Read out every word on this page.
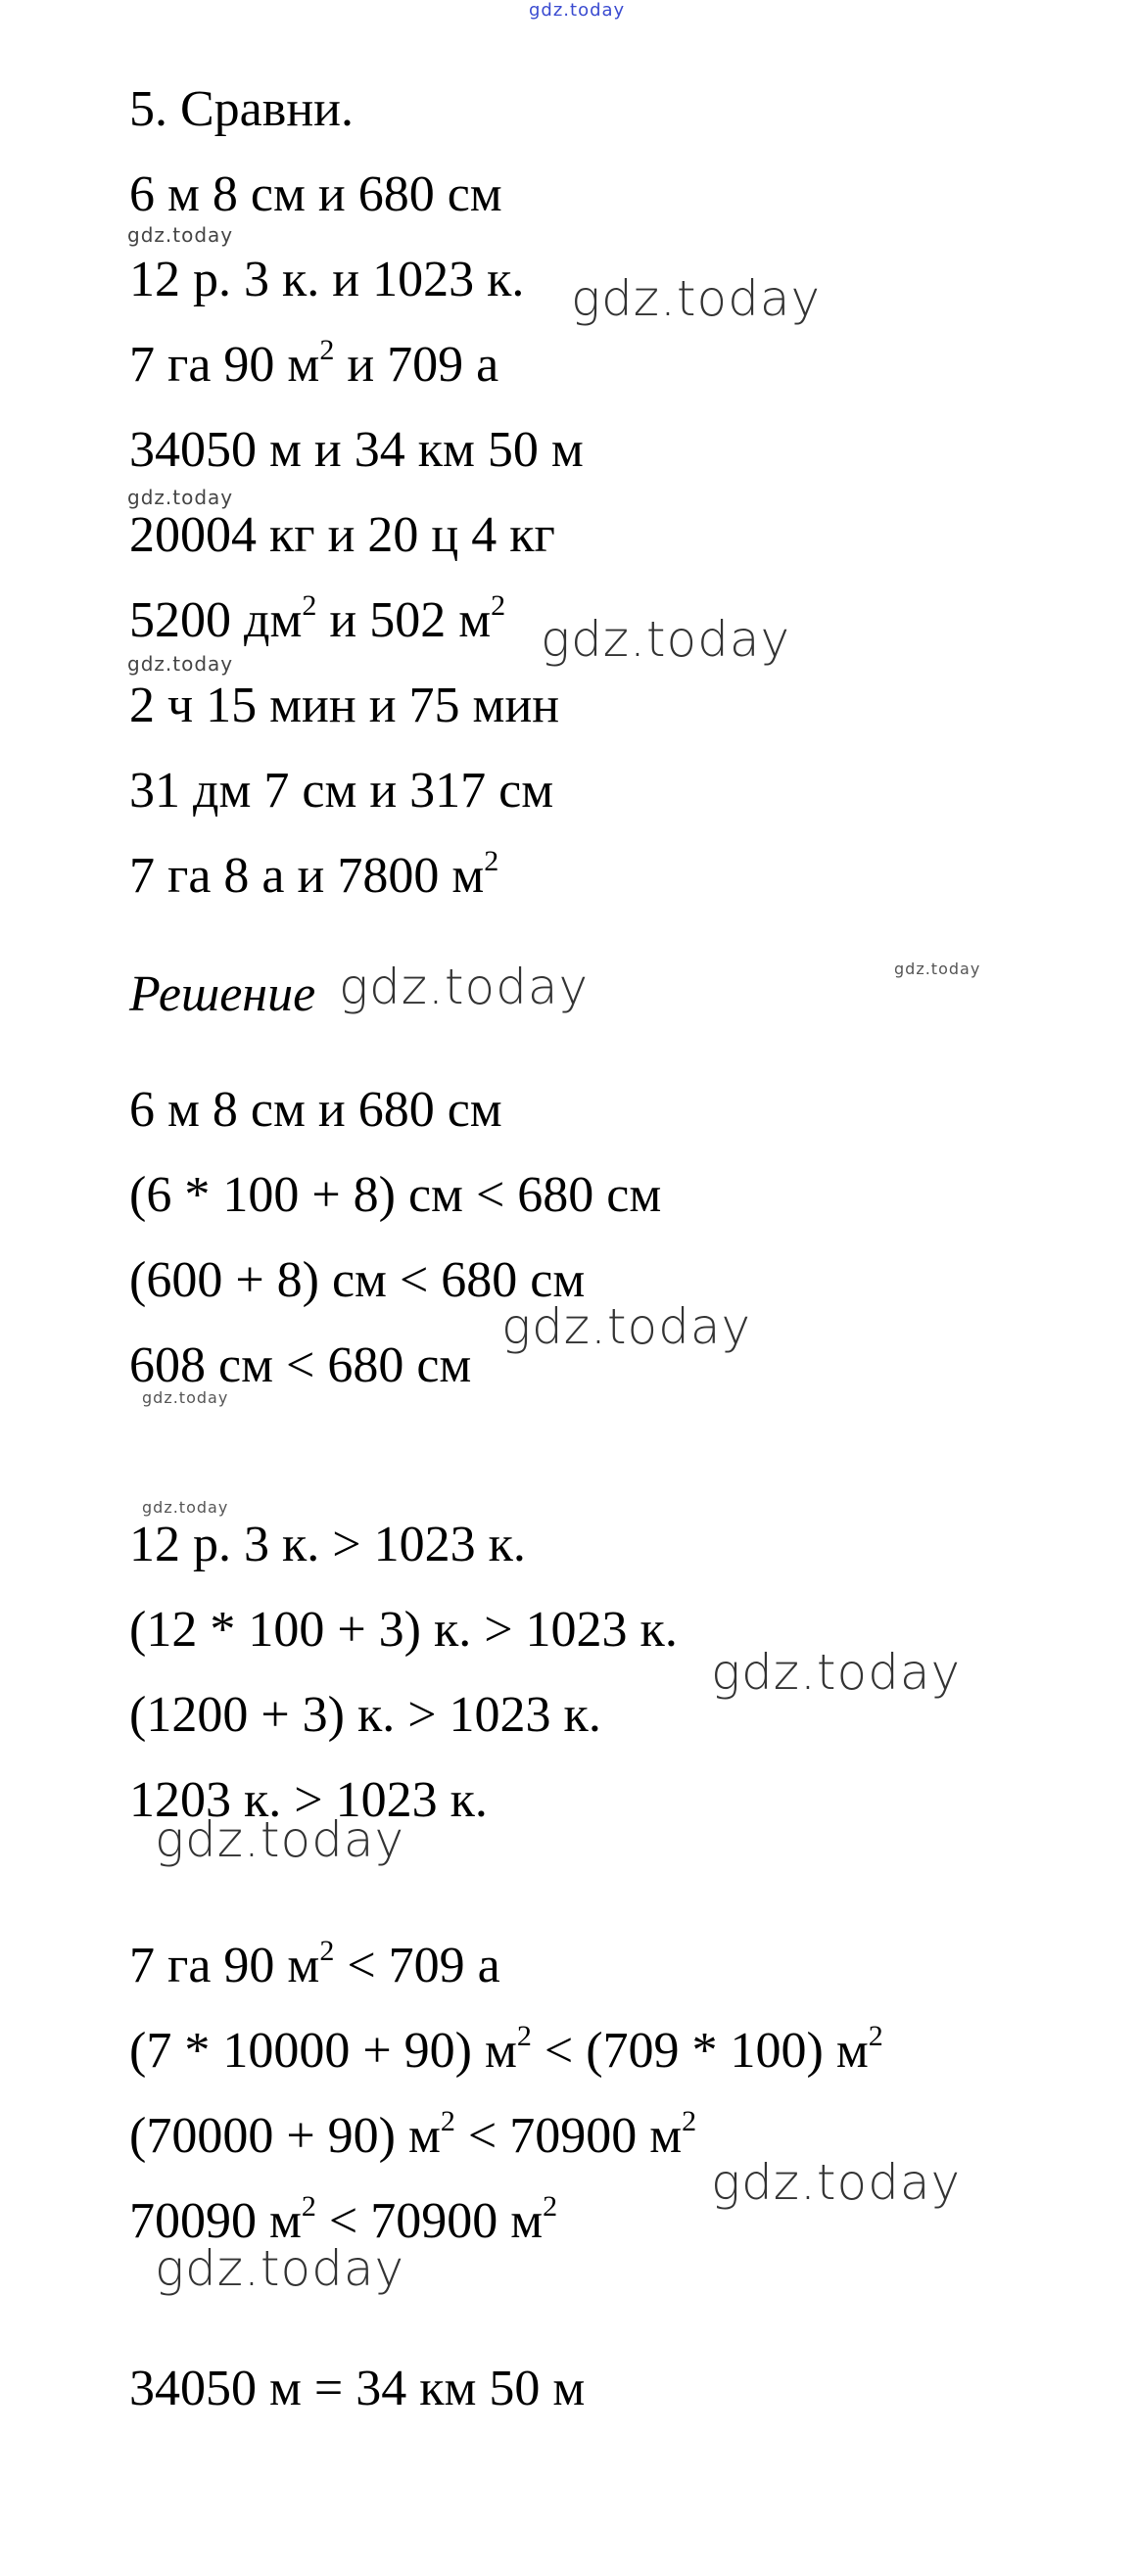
gdz.today
5. Сравни.
6 м 8 см и 680 см
12 р. 3 к. и 1023 к.
7 га 90 $м^2$ и 709 а
34050 м и 34 км 50 м
20004 кг и 20 ц 4 кг
5200 $дм^2$ и 502 $м^2$
2 ч 15 мин и 75 мин
31 дм 7 см и 317 см
7 га 8 а и 7800 $м^2$
Решение
6 м 8 см и 680 см
(6 * 100 + 8) см < 680 см
(600 + 8) см < 680 см
608 см < 680 см
12 р. 3 к. > 1023 к.
(12 * 100 + 3) к. > 1023 к.
(1200 + 3) к. > 1023 к.
1203 к. > 1023 к.
7 га 90 $м^2 < 709$ а
(7 * 10000 + 90) $м^2 < (709 * 100)$ $м^2$
(70000 + 90) $м^2 < 70900$ $м^2$
70090 $м^2 < 70900$ $м^2$
34050 м = 34 км 50 м
gdz.today
gdz.today
gdz.today
gdz.today
gdz.today
gdz.today
gdz.today
gdz.today
gdz.today
gdz.today
gdz.today
gdz.today
gdz.today
gdz.today
